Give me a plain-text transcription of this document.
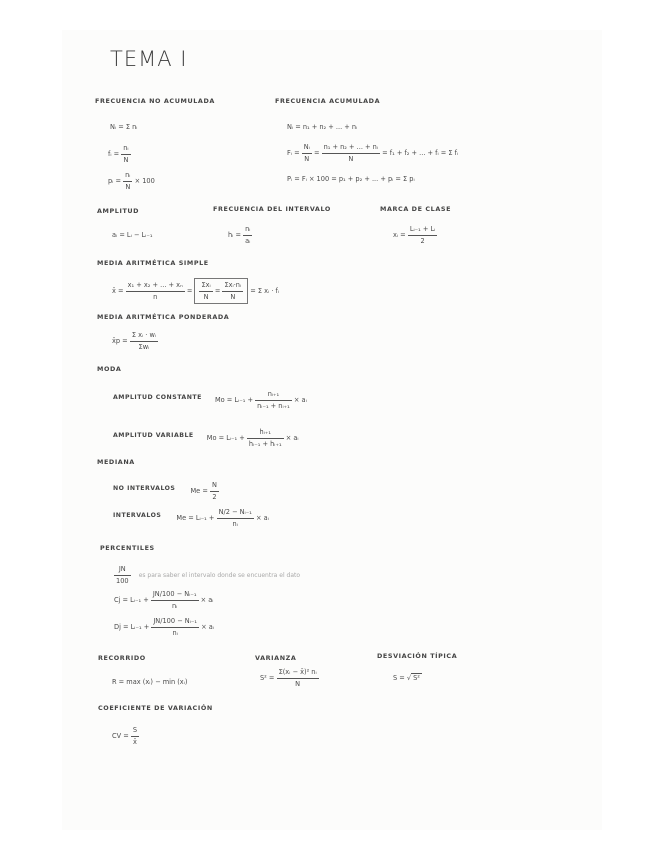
TEMA I
FRECUENCIA NO ACUMULADA	FRECUENCIA ACUMULADA
Nᵢ = Σ nᵢ
fᵢ = $\frac{\text{nᵢ}}{N}$
pᵢ = $\frac{\text{nᵢ}}{N} \times 100$
Nᵢ = n₁ + n₂ + ... + nᵢ
Fᵢ = $\frac{\text{Nᵢ}}{N} = \frac{\text{n₁ + n₂ + ... + nᵢ}}{N} = f_1 + f_2$ + ... + fᵢ = Σ fᵢ
Pᵢ = Fᵢ × 100 = p₁ + p₂ + ... + pᵢ = Σ pᵢ
AMPLITUD	FRECUENCIA DEL INTERVALO	MARCA DE CLASE
aᵢ = Lᵢ − Lᵢ₋₁	hᵢ = $\frac{\text{nᵢ}}{\text{aᵢ}}$	xᵢ = $\frac{\text{Lᵢ₋₁ + Lᵢ}}{2}$
MEDIA ARITMÉTICA SIMPLE
x̄ = $\frac{\text{x₁ + x₂ + ... + xₙ}}{n} = \frac{\text{Σxᵢ}}{N} = \frac{\text{Σxᵢ·nᵢ}}{N} = \Sigma$ xᵢ · fᵢ
MEDIA ARITMÉTICA PONDERADA
x̄p = $\frac{\text{Σ xᵢ · wᵢ}}{\text{Σwᵢ}}$
MODA
AMPLITUD CONSTANTE Mo = Lᵢ₋₁ + $\frac{\text{nᵢ₊₁}}{\text{nᵢ₋₁ + nᵢ₊₁}}$ × aᵢ
AMPLITUD VARIABLE Mo = Lᵢ₋₁ + $\frac{\text{hᵢ₊₁}}{\text{hᵢ₋₁ + hᵢ₊₁}}$ × aᵢ
MEDIANA
NO INTERVALOS $Me = \frac{N}{2}$
INTERVALOS Me = Lᵢ₋₁ + $\frac{\text{N/2 − Nᵢ₋₁}}{\text{nᵢ}}$ × aᵢ
PERCENTILES
$\frac{JN}{100}$ es para saber el intervalo donde se encuentra el dato
Cj = Lᵢ₋₁ + $\frac{\text{JN/100 − Nᵢ₋₁}}{\text{nᵢ}}$ × aᵢ
Dj = Lᵢ₋₁ + $\frac{\text{JN/100 − Nᵢ₋₁}}{\text{nᵢ}}$ × aᵢ
RECORRIDO	VARIANZA	DESVIACIÓN TÍPICA
R = max (xᵢ) − min (xᵢ)	$S^2 = \frac{\text{Σ(xᵢ − x̄)² nᵢ}}{N}$	S = √ S²
COEFICIENTE DE VARIACIÓN
CV = $\frac{S}{x̄}$
